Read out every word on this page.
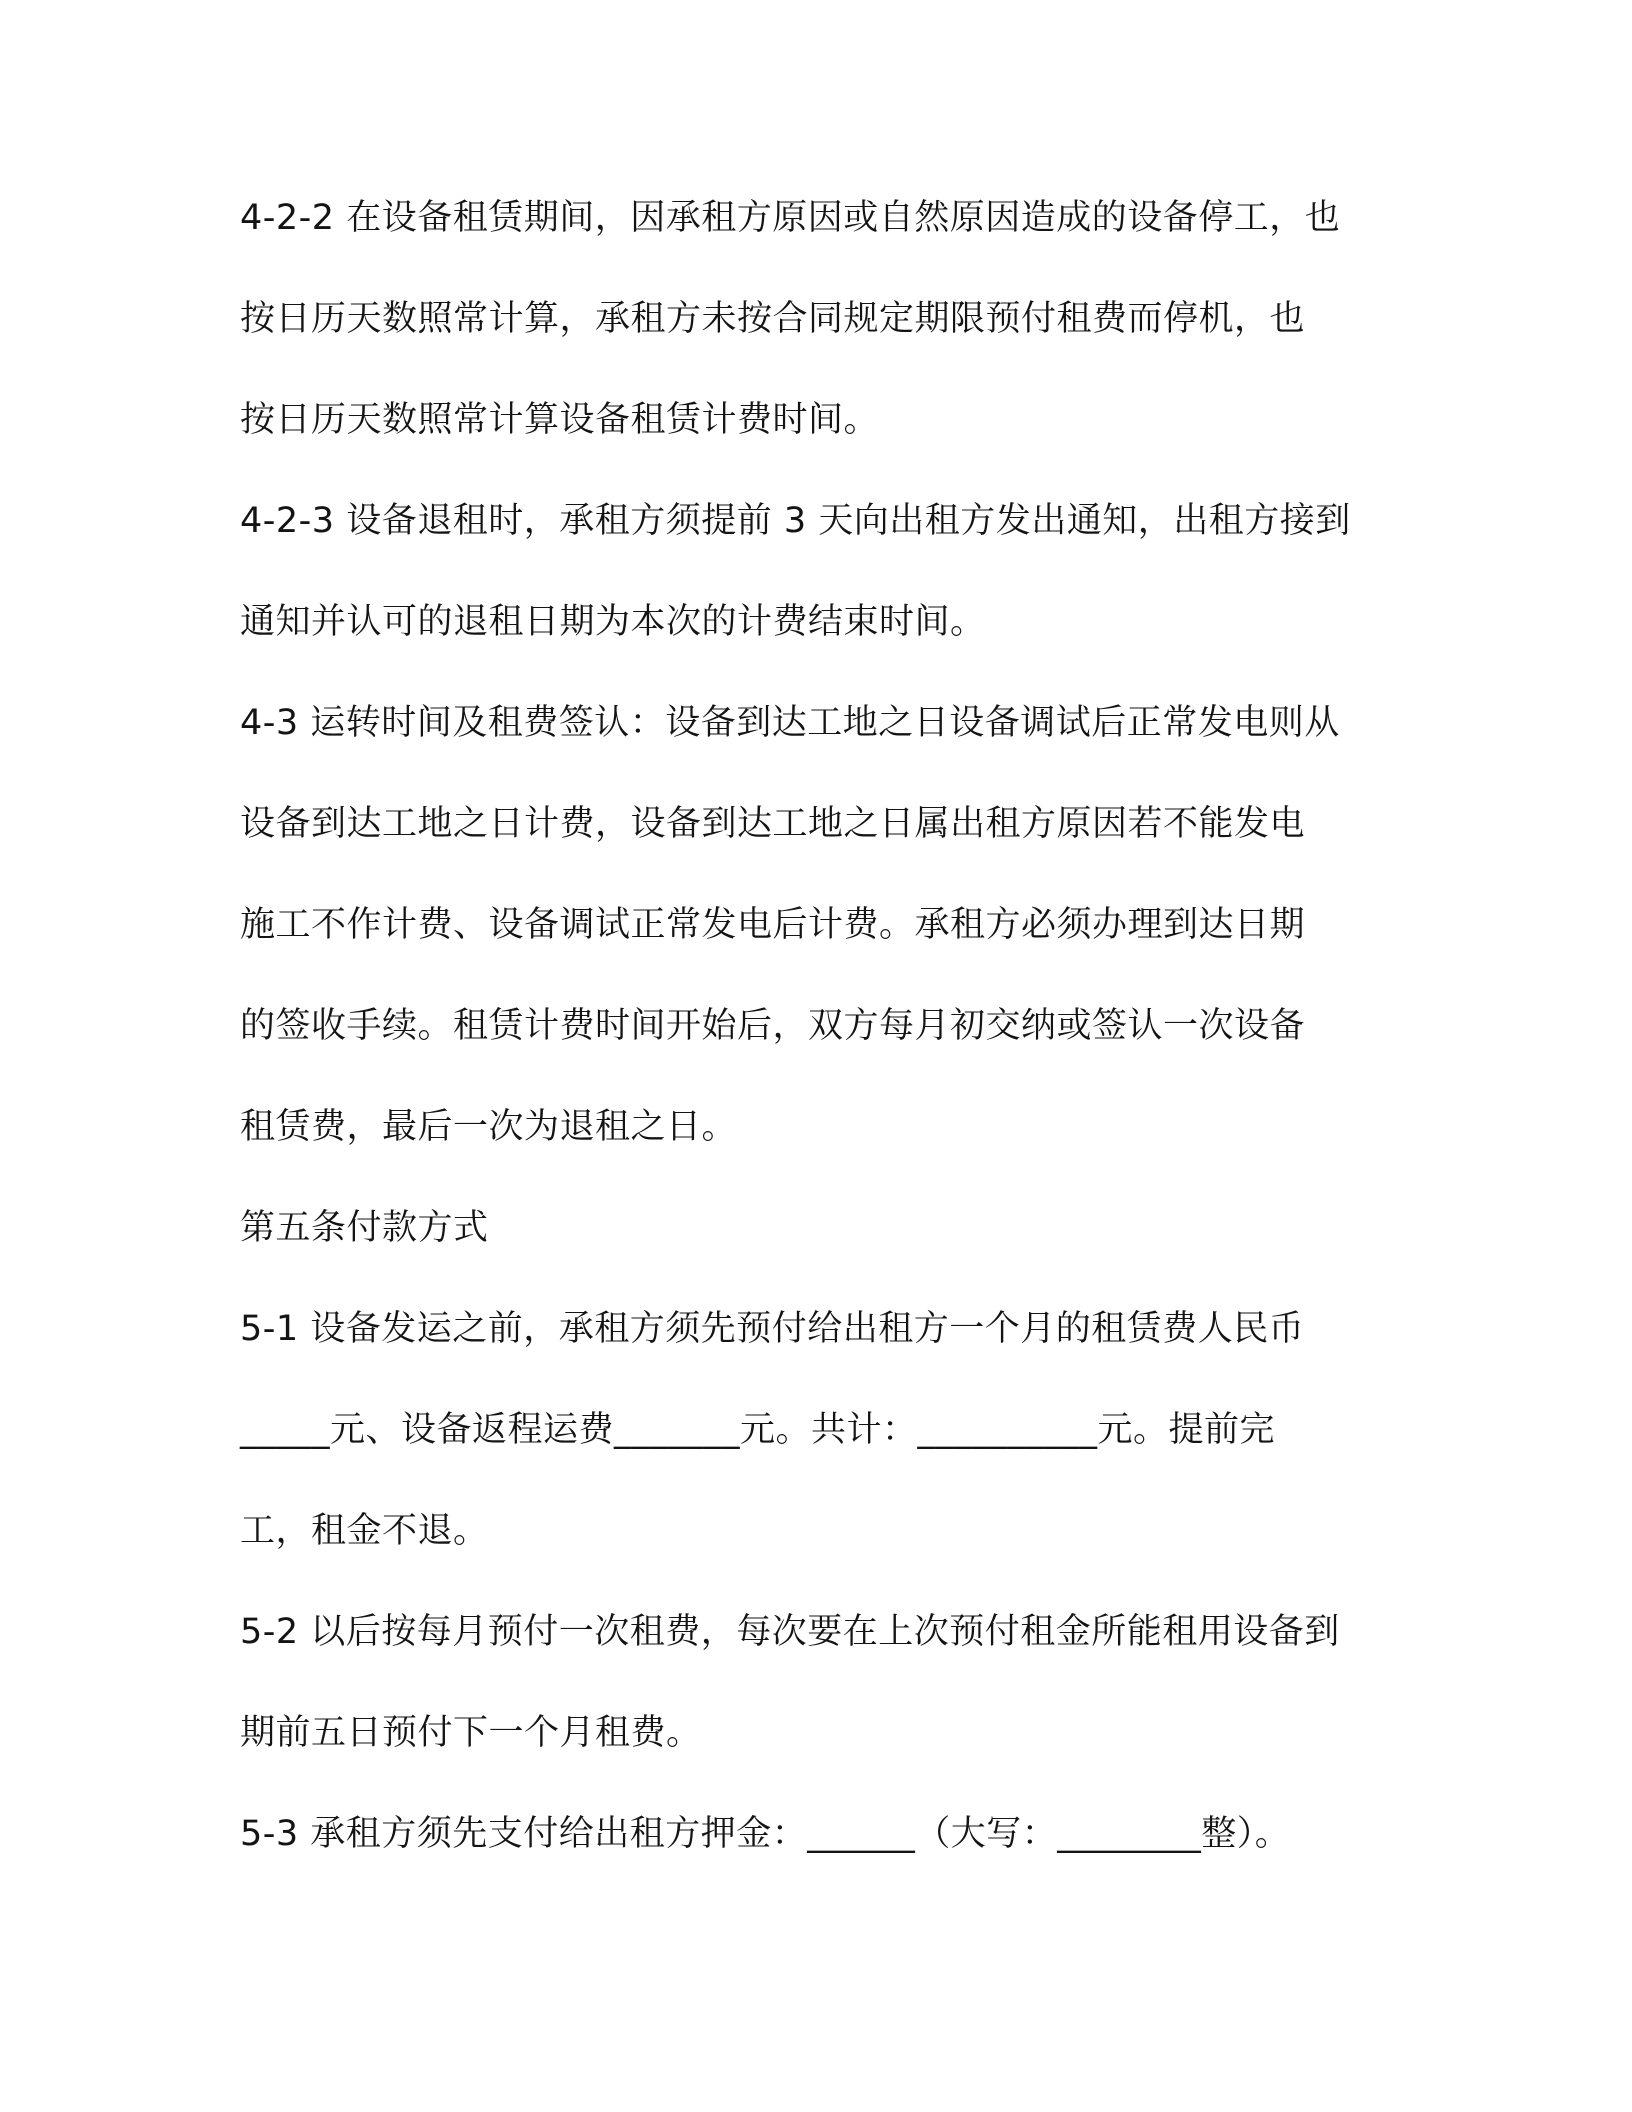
4-2-2 在设备租赁期间，因承租方原因或自然原因造成的设备停工，也
按日历天数照常计算，承租方未按合同规定期限预付租费而停机，也
按日历天数照常计算设备租赁计费时间。
4-2-3 设备退租时，承租方须提前 3 天向出租方发出通知，出租方接到
通知并认可的退租日期为本次的计费结束时间。
4-3 运转时间及租费签认：设备到达工地之日设备调试后正常发电则从
设备到达工地之日计费，设备到达工地之日属出租方原因若不能发电
施工不作计费、设备调试正常发电后计费。承租方必须办理到达日期
的签收手续。租赁计费时间开始后，双方每月初交纳或签认一次设备
租赁费，最后一次为退租之日。
第五条付款方式
5-1 设备发运之前，承租方须先预付给出租方一个月的租赁费人民币
_____元、设备返程运费_______元。共计：__________元。提前完
工，租金不退。
5-2 以后按每月预付一次租费，每次要在上次预付租金所能租用设备到
期前五日预付下一个月租费。
5-3 承租方须先支付给出租方押金：______（大写：________整）。
